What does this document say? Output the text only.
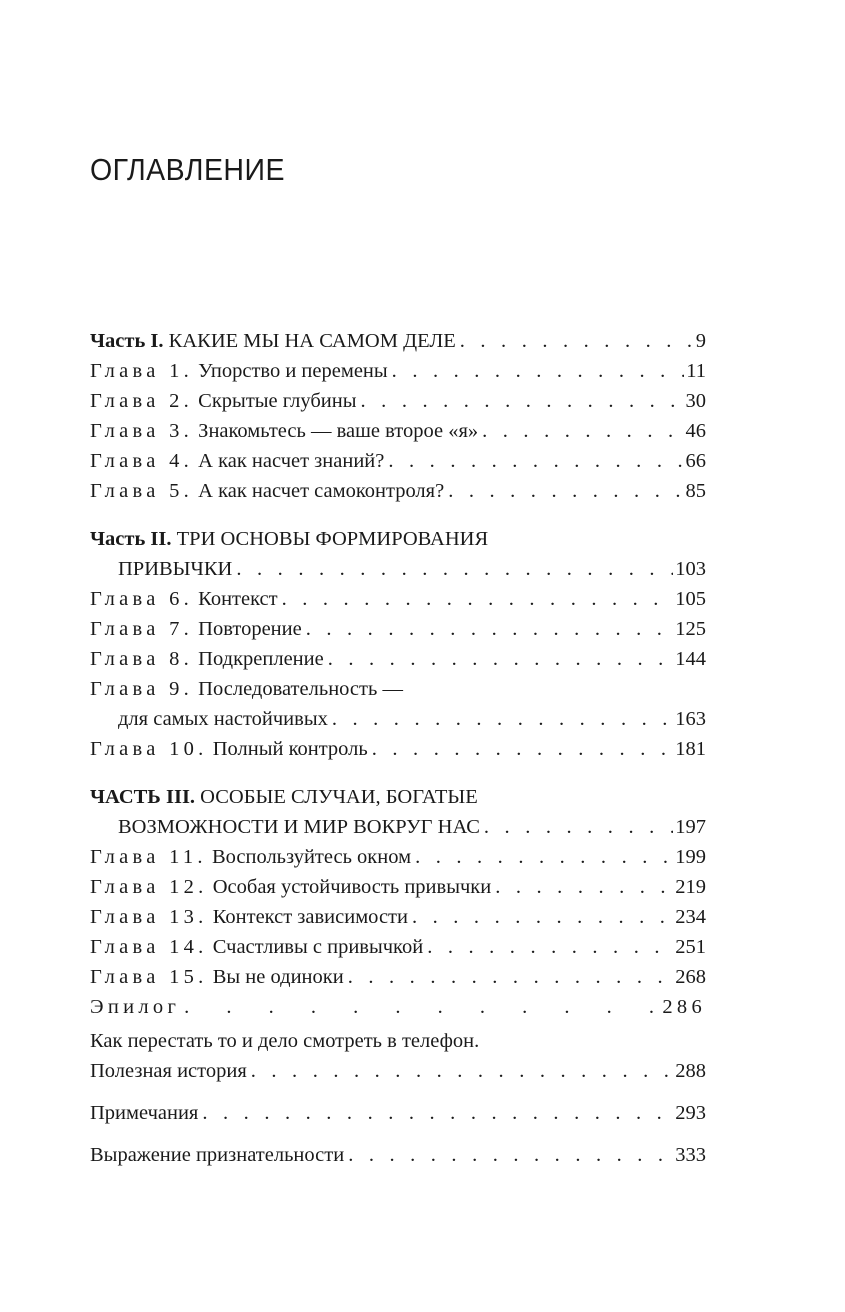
ОГЛАВЛЕНИЕ
Часть I. КАКИЕ МЫ НА САМОМ ДЕЛЕ . . .	9
Глава 1. Упорство и перемены . . .	11
Глава 2. Скрытые глубины . . .	30
Глава 3. Знакомьтесь — ваше второе «я» . . .	46
Глава 4. А как насчет знаний? . . .	66
Глава 5. А как насчет самоконтроля? . . .	85
Часть II. ТРИ ОСНОВЫ ФОРМИРОВАНИЯ
ПРИВЫЧКИ . . .	103
Глава 6. Контекст . . .	105
Глава 7. Повторение . . .	125
Глава 8. Подкрепление . . .	144
Глава 9. Последовательность —
для самых настойчивых . . .	163
Глава 10. Полный контроль . . .	181
ЧАСТЬ III. ОСОБЫЕ СЛУЧАИ, БОГАТЫЕ
ВОЗМОЖНОСТИ И МИР ВОКРУГ НАС . . .	197
Глава 11. Воспользуйтесь окном . . .	199
Глава 12. Особая устойчивость привычки . . .	219
Глава 13. Контекст зависимости . . .	234
Глава 14. Счастливы с привычкой . . .	251
Глава 15. Вы не одиноки . . .	268
Эпилог . . .	286
Как перестать то и дело смотреть в телефон.
Полезная история . . .	288
Примечания . . .	293
Выражение признательности . . .	333
